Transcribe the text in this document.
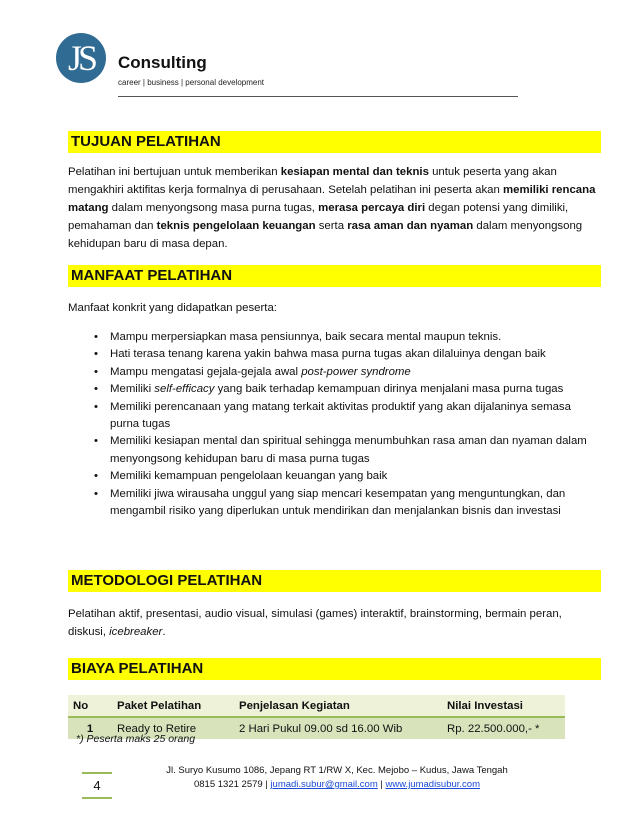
JS	Consulting
career | business | personal development
TUJUAN PELATIHAN
Pelatihan ini bertujuan untuk memberikan kesiapan mental dan teknis untuk peserta yang akan mengakhiri aktifitas kerja formalnya di perusahaan. Setelah pelatihan ini peserta akan memiliki rencana matang dalam menyongsong masa purna tugas, merasa percaya diri degan potensi yang dimiliki, pemahaman dan teknis pengelolaan keuangan serta rasa aman dan nyaman dalam menyongsong kehidupan baru di masa depan.
MANFAAT PELATIHAN
Manfaat konkrit yang didapatkan peserta:
• Mampu merpersiapkan masa pensiunnya, baik secara mental maupun teknis.
• Hati terasa tenang karena yakin bahwa masa purna tugas akan dilaluinya dengan baik
• Mampu mengatasi gejala-gejala awal post-power syndrome
• Memiliki self-efficacy yang baik terhadap kemampuan dirinya menjalani masa purna tugas
• Memiliki perencanaan yang matang terkait aktivitas produktif yang akan dijalaninya semasa purna tugas
• Memiliki kesiapan mental dan spiritual sehingga menumbuhkan rasa aman dan nyaman dalam menyongsong kehidupan baru di masa purna tugas
• Memiliki kemampuan pengelolaan keuangan yang baik
• Memiliki jiwa wirausaha unggul yang siap mencari kesempatan yang menguntungkan, dan mengambil risiko yang diperlukan untuk mendirikan dan menjalankan bisnis dan investasi
METODOLOGI PELATIHAN
Pelatihan aktif, presentasi, audio visual, simulasi (games) interaktif, brainstorming, bermain peran, diskusi, icebreaker.
BIAYA PELATIHAN
No	Paket Pelatihan	Penjelasan Kegiatan	Nilai Investasi
1	Ready to Retire	2 Hari Pukul 09.00 sd 16.00 Wib	Rp. 22.500.000,- *
*) Peserta maks 25 orang
4
Jl. Suryo Kusumo 1086, Jepang RT 1/RW X, Kec. Mejobo – Kudus, Jawa Tengah
0815 1321 2579 | jumadi.subur@gmail.com | www.jumadisubur.com
